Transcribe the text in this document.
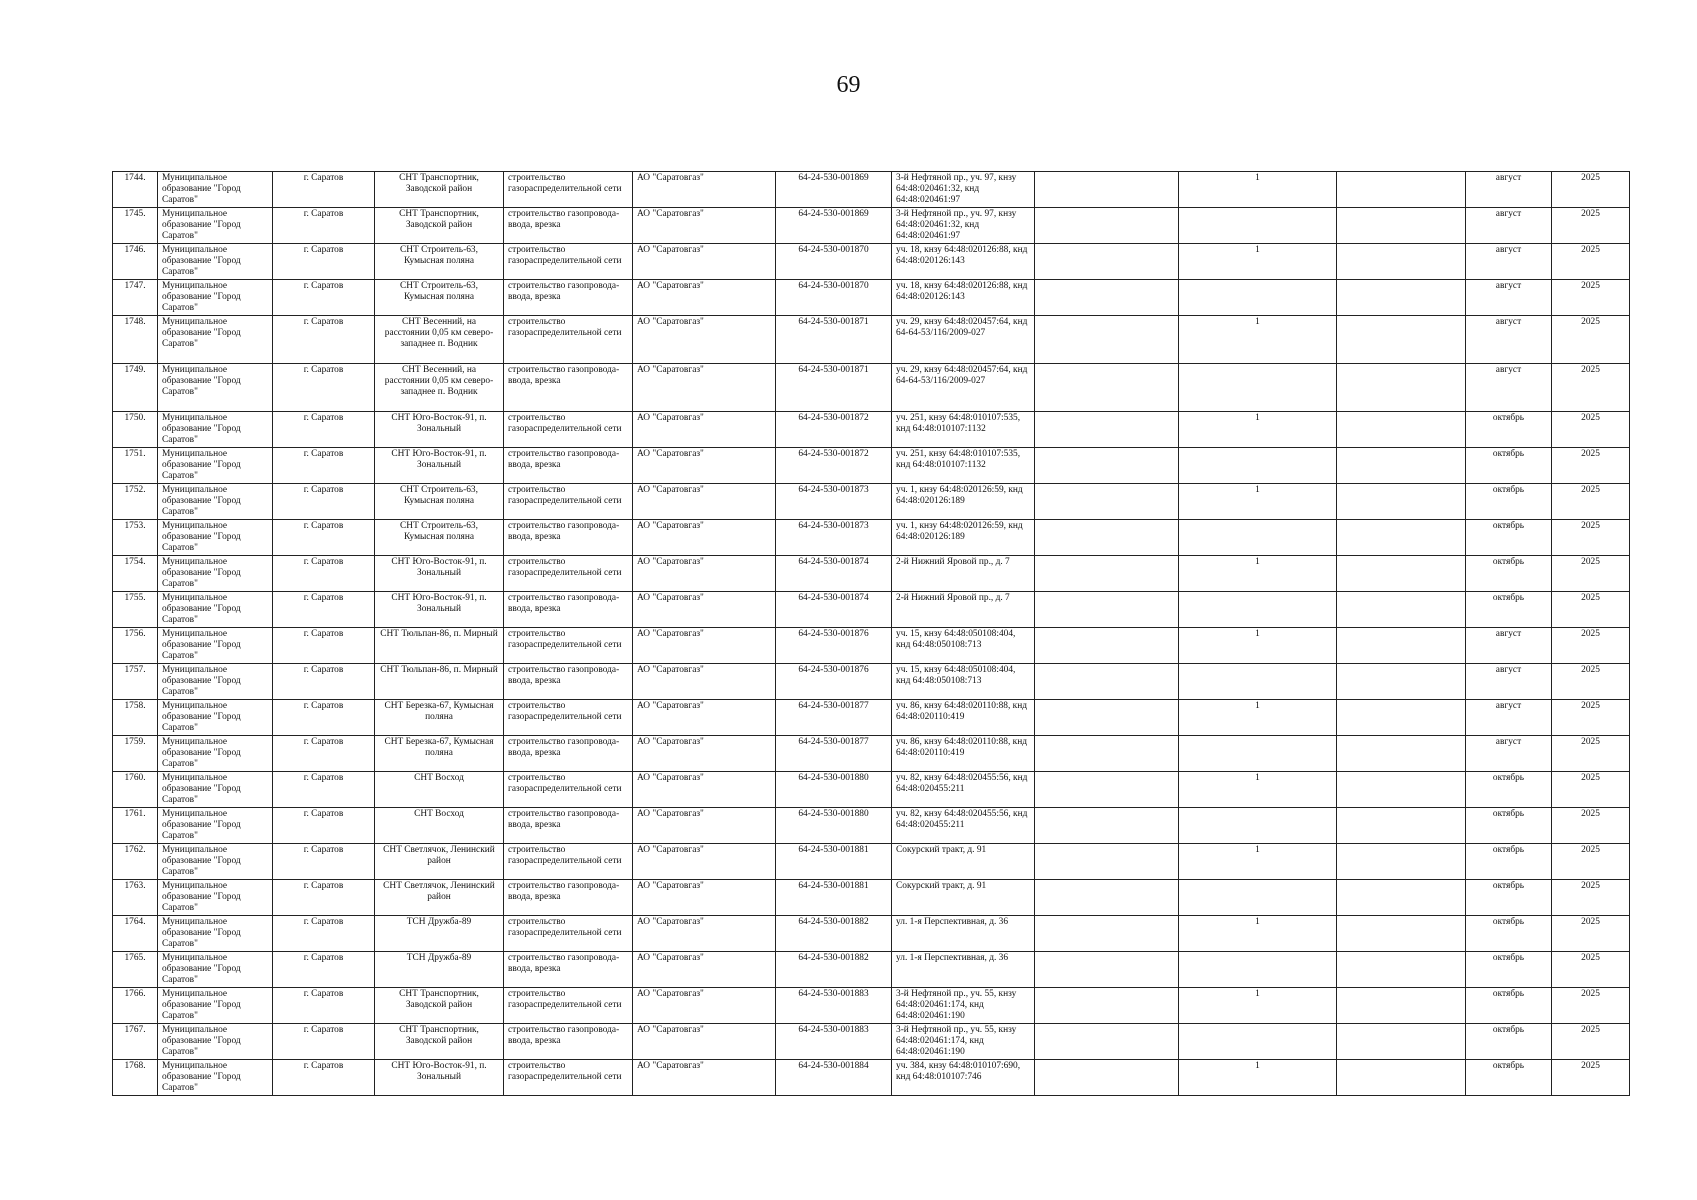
69
1744.	Муниципальное образование "Город Саратов"	г. Саратов	СНТ Транспортник, Заводской район	строительство газораспределительной сети	АО "Саратовгаз"	64-24-530-001869	3-й Нефтяной пр., уч. 97, кнзу 64:48:020461:32, кнд 64:48:020461:97		1		август	2025
1745.	Муниципальное образование "Город Саратов"	г. Саратов	СНТ Транспортник, Заводской район	строительство газопровода-ввода, врезка	АО "Саратовгаз"	64-24-530-001869	3-й Нефтяной пр., уч. 97, кнзу 64:48:020461:32, кнд 64:48:020461:97				август	2025
1746.	Муниципальное образование "Город Саратов"	г. Саратов	СНТ Строитель-63, Кумысная поляна	строительство газораспределительной сети	АО "Саратовгаз"	64-24-530-001870	уч. 18, кнзу 64:48:020126:88, кнд 64:48:020126:143		1		август	2025
1747.	Муниципальное образование "Город Саратов"	г. Саратов	СНТ Строитель-63, Кумысная поляна	строительство газопровода-ввода, врезка	АО "Саратовгаз"	64-24-530-001870	уч. 18, кнзу 64:48:020126:88, кнд 64:48:020126:143				август	2025
1748.	Муниципальное образование "Город Саратов"	г. Саратов	СНТ Весенний, на расстоянии 0,05 км северо-западнее п. Водник	строительство газораспределительной сети	АО "Саратовгаз"	64-24-530-001871	уч. 29, кнзу 64:48:020457:64, кнд 64-64-53/116/2009-027		1		август	2025
1749.	Муниципальное образование "Город Саратов"	г. Саратов	СНТ Весенний, на расстоянии 0,05 км северо-западнее п. Водник	строительство газопровода-ввода, врезка	АО "Саратовгаз"	64-24-530-001871	уч. 29, кнзу 64:48:020457:64, кнд 64-64-53/116/2009-027				август	2025
1750.	Муниципальное образование "Город Саратов"	г. Саратов	СНТ Юго-Восток-91, п. Зональный	строительство газораспределительной сети	АО "Саратовгаз"	64-24-530-001872	уч. 251, кнзу 64:48:010107:535, кнд 64:48:010107:1132		1		октябрь	2025
1751.	Муниципальное образование "Город Саратов"	г. Саратов	СНТ Юго-Восток-91, п. Зональный	строительство газопровода-ввода, врезка	АО "Саратовгаз"	64-24-530-001872	уч. 251, кнзу 64:48:010107:535, кнд 64:48:010107:1132				октябрь	2025
1752.	Муниципальное образование "Город Саратов"	г. Саратов	СНТ Строитель-63, Кумысная поляна	строительство газораспределительной сети	АО "Саратовгаз"	64-24-530-001873	уч. 1, кнзу 64:48:020126:59, кнд 64:48:020126:189		1		октябрь	2025
1753.	Муниципальное образование "Город Саратов"	г. Саратов	СНТ Строитель-63, Кумысная поляна	строительство газопровода-ввода, врезка	АО "Саратовгаз"	64-24-530-001873	уч. 1, кнзу 64:48:020126:59, кнд 64:48:020126:189				октябрь	2025
1754.	Муниципальное образование "Город Саратов"	г. Саратов	СНТ Юго-Восток-91, п. Зональный	строительство газораспределительной сети	АО "Саратовгаз"	64-24-530-001874	2-й Нижний Яровой пр., д. 7		1		октябрь	2025
1755.	Муниципальное образование "Город Саратов"	г. Саратов	СНТ Юго-Восток-91, п. Зональный	строительство газопровода-ввода, врезка	АО "Саратовгаз"	64-24-530-001874	2-й Нижний Яровой пр., д. 7				октябрь	2025
1756.	Муниципальное образование "Город Саратов"	г. Саратов	СНТ Тюльпан-86, п. Мирный	строительство газораспределительной сети	АО "Саратовгаз"	64-24-530-001876	уч. 15, кнзу 64:48:050108:404, кнд 64:48:050108:713		1		август	2025
1757.	Муниципальное образование "Город Саратов"	г. Саратов	СНТ Тюльпан-86, п. Мирный	строительство газопровода-ввода, врезка	АО "Саратовгаз"	64-24-530-001876	уч. 15, кнзу 64:48:050108:404, кнд 64:48:050108:713				август	2025
1758.	Муниципальное образование "Город Саратов"	г. Саратов	СНТ Березка-67, Кумысная поляна	строительство газораспределительной сети	АО "Саратовгаз"	64-24-530-001877	уч. 86, кнзу 64:48:020110:88, кнд 64:48:020110:419		1		август	2025
1759.	Муниципальное образование "Город Саратов"	г. Саратов	СНТ Березка-67, Кумысная поляна	строительство газопровода-ввода, врезка	АО "Саратовгаз"	64-24-530-001877	уч. 86, кнзу 64:48:020110:88, кнд 64:48:020110:419				август	2025
1760.	Муниципальное образование "Город Саратов"	г. Саратов	СНТ Восход	строительство газораспределительной сети	АО "Саратовгаз"	64-24-530-001880	уч. 82, кнзу 64:48:020455:56, кнд 64:48:020455:211		1		октябрь	2025
1761.	Муниципальное образование "Город Саратов"	г. Саратов	СНТ Восход	строительство газопровода-ввода, врезка	АО "Саратовгаз"	64-24-530-001880	уч. 82, кнзу 64:48:020455:56, кнд 64:48:020455:211				октябрь	2025
1762.	Муниципальное образование "Город Саратов"	г. Саратов	СНТ Светлячок, Ленинский район	строительство газораспределительной сети	АО "Саратовгаз"	64-24-530-001881	Сокурский тракт, д. 91		1		октябрь	2025
1763.	Муниципальное образование "Город Саратов"	г. Саратов	СНТ Светлячок, Ленинский район	строительство газопровода-ввода, врезка	АО "Саратовгаз"	64-24-530-001881	Сокурский тракт, д. 91				октябрь	2025
1764.	Муниципальное образование "Город Саратов"	г. Саратов	ТСН Дружба-89	строительство газораспределительной сети	АО "Саратовгаз"	64-24-530-001882	ул. 1-я Перспективная, д. 36		1		октябрь	2025
1765.	Муниципальное образование "Город Саратов"	г. Саратов	ТСН Дружба-89	строительство газопровода-ввода, врезка	АО "Саратовгаз"	64-24-530-001882	ул. 1-я Перспективная, д. 36				октябрь	2025
1766.	Муниципальное образование "Город Саратов"	г. Саратов	СНТ Транспортник, Заводской район	строительство газораспределительной сети	АО "Саратовгаз"	64-24-530-001883	3-й Нефтяной пр., уч. 55, кнзу 64:48:020461:174, кнд 64:48:020461:190		1		октябрь	2025
1767.	Муниципальное образование "Город Саратов"	г. Саратов	СНТ Транспортник, Заводской район	строительство газопровода-ввода, врезка	АО "Саратовгаз"	64-24-530-001883	3-й Нефтяной пр., уч. 55, кнзу 64:48:020461:174, кнд 64:48:020461:190				октябрь	2025
1768.	Муниципальное образование "Город Саратов"	г. Саратов	СНТ Юго-Восток-91, п. Зональный	строительство газораспределительной сети	АО "Саратовгаз"	64-24-530-001884	уч. 384, кнзу 64:48:010107:690, кнд 64:48:010107:746		1		октябрь	2025
